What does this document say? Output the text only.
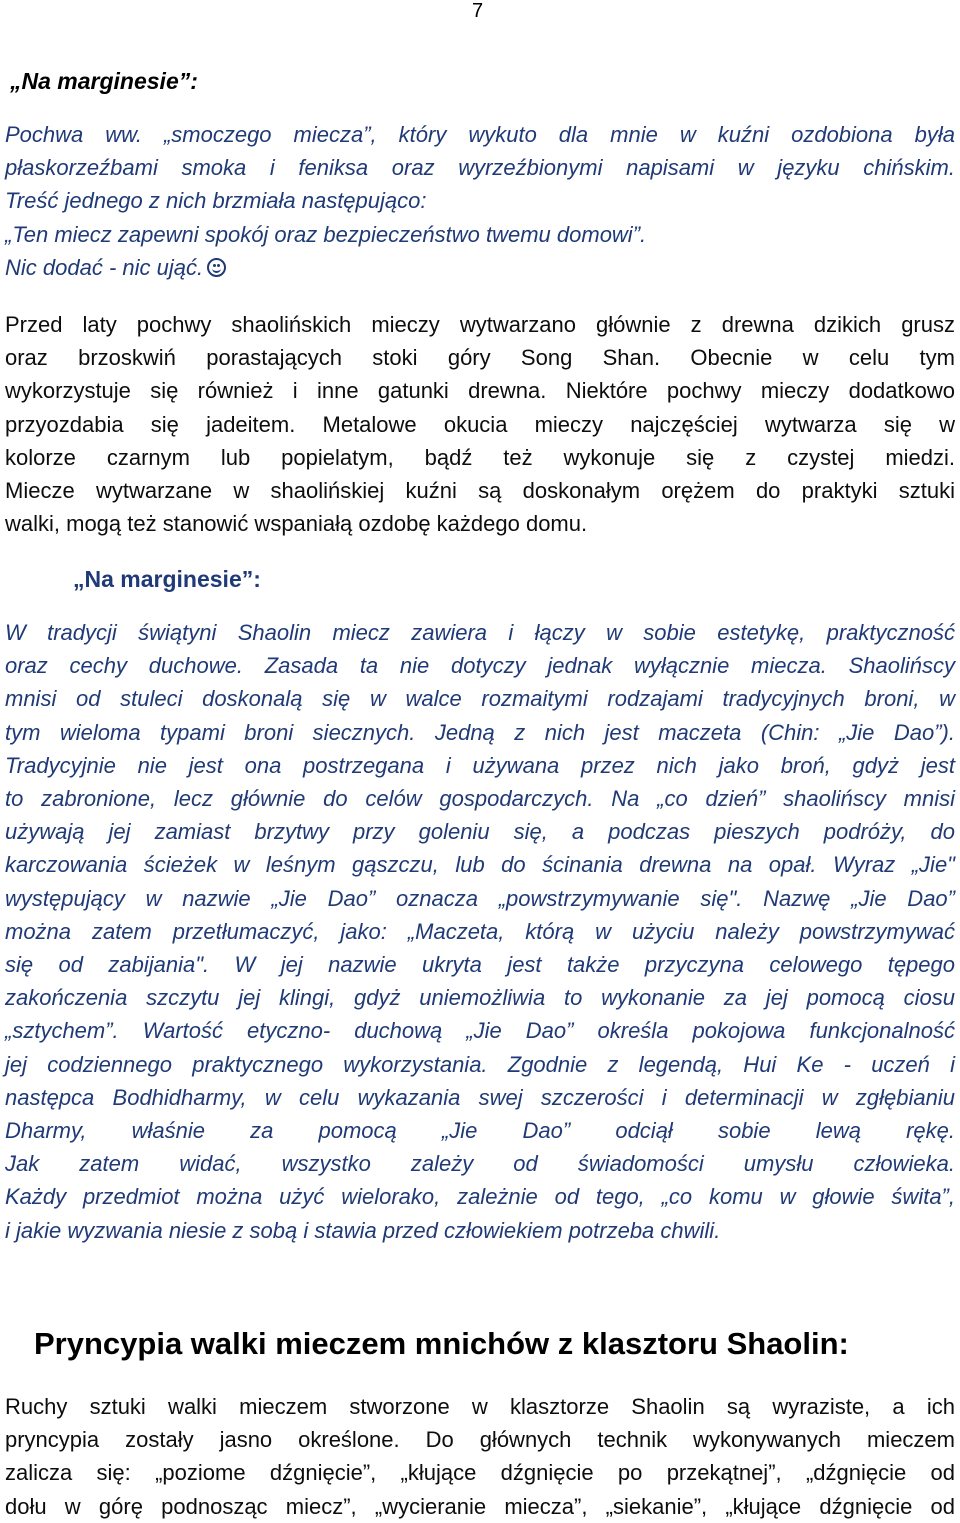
7
„Na marginesie”:
Pochwa ww. „smoczego miecza”, który wykuto dla mnie w kuźni ozdobiona była
płaskorzeźbami smoka i feniksa oraz wyrzeźbionymi napisami w języku chińskim.
Treść jednego z nich brzmiała następująco:
„Ten miecz zapewni spokój oraz bezpieczeństwo twemu domowi”.
Nic dodać - nic ująć.
Przed laty pochwy shaolińskich mieczy wytwarzano głównie z drewna dzikich grusz
oraz brzoskwiń porastających stoki góry Song Shan. Obecnie w celu tym
wykorzystuje się również i inne gatunki drewna. Niektóre pochwy mieczy dodatkowo
przyozdabia się jadeitem. Metalowe okucia mieczy najczęściej wytwarza się w
kolorze czarnym lub popielatym, bądź też wykonuje się z czystej miedzi.
Miecze wytwarzane w shaolińskiej kuźni są doskonałym orężem do praktyki sztuki
walki, mogą też stanowić wspaniałą ozdobę każdego domu.
„Na marginesie”:
W tradycji świątyni Shaolin miecz zawiera i łączy w sobie estetykę, praktyczność
oraz cechy duchowe. Zasada ta nie dotyczy jednak wyłącznie miecza. Shaolińscy
mnisi od stuleci doskonalą się w walce rozmaitymi rodzajami tradycyjnych broni, w
tym wieloma typami broni siecznych. Jedną z nich jest maczeta (Chin: „Jie Dao”).
Tradycyjnie nie jest ona postrzegana i używana przez nich jako broń, gdyż jest
to zabronione, lecz głównie do celów gospodarczych. Na „co dzień” shaolińscy mnisi
używają jej zamiast brzytwy przy goleniu się, a podczas pieszych podróży, do
karczowania ścieżek w leśnym gąszczu, lub do ścinania drewna na opał. Wyraz „Jie"
występujący w nazwie „Jie Dao” oznacza „powstrzymywanie się". Nazwę „Jie Dao”
można zatem przetłumaczyć, jako: „Maczeta, którą w użyciu należy powstrzymywać
się od zabijania". W jej nazwie ukryta jest także przyczyna celowego tępego
zakończenia szczytu jej klingi, gdyż uniemożliwia to wykonanie za jej pomocą ciosu
„sztychem”. Wartość etyczno- duchową „Jie Dao” określa pokojowa funkcjonalność
jej codziennego praktycznego wykorzystania. Zgodnie z legendą, Hui Ke - uczeń i
następca Bodhidharmy, w celu wykazania swej szczerości i determinacji w zgłębianiu
Dharmy, właśnie za pomocą „Jie Dao” odciął sobie lewą rękę.
Jak zatem widać, wszystko zależy od świadomości umysłu człowieka.
Każdy przedmiot można użyć wielorako, zależnie od tego, „co komu w głowie świta”,
i jakie wyzwania niesie z sobą i stawia przed człowiekiem potrzeba chwili.
Pryncypia walki mieczem mnichów z klasztoru Shaolin:
Ruchy sztuki walki mieczem stworzone w klasztorze Shaolin są wyraziste, a ich
pryncypia zostały jasno określone. Do głównych technik wykonywanych mieczem
zalicza się: „poziome dźgnięcie”, „kłujące dźgnięcie po przekątnej”, „dźgnięcie od
dołu w górę podnosząc miecz”, „wycieranie miecza”, „siekanie”, „kłujące dźgnięcie od
